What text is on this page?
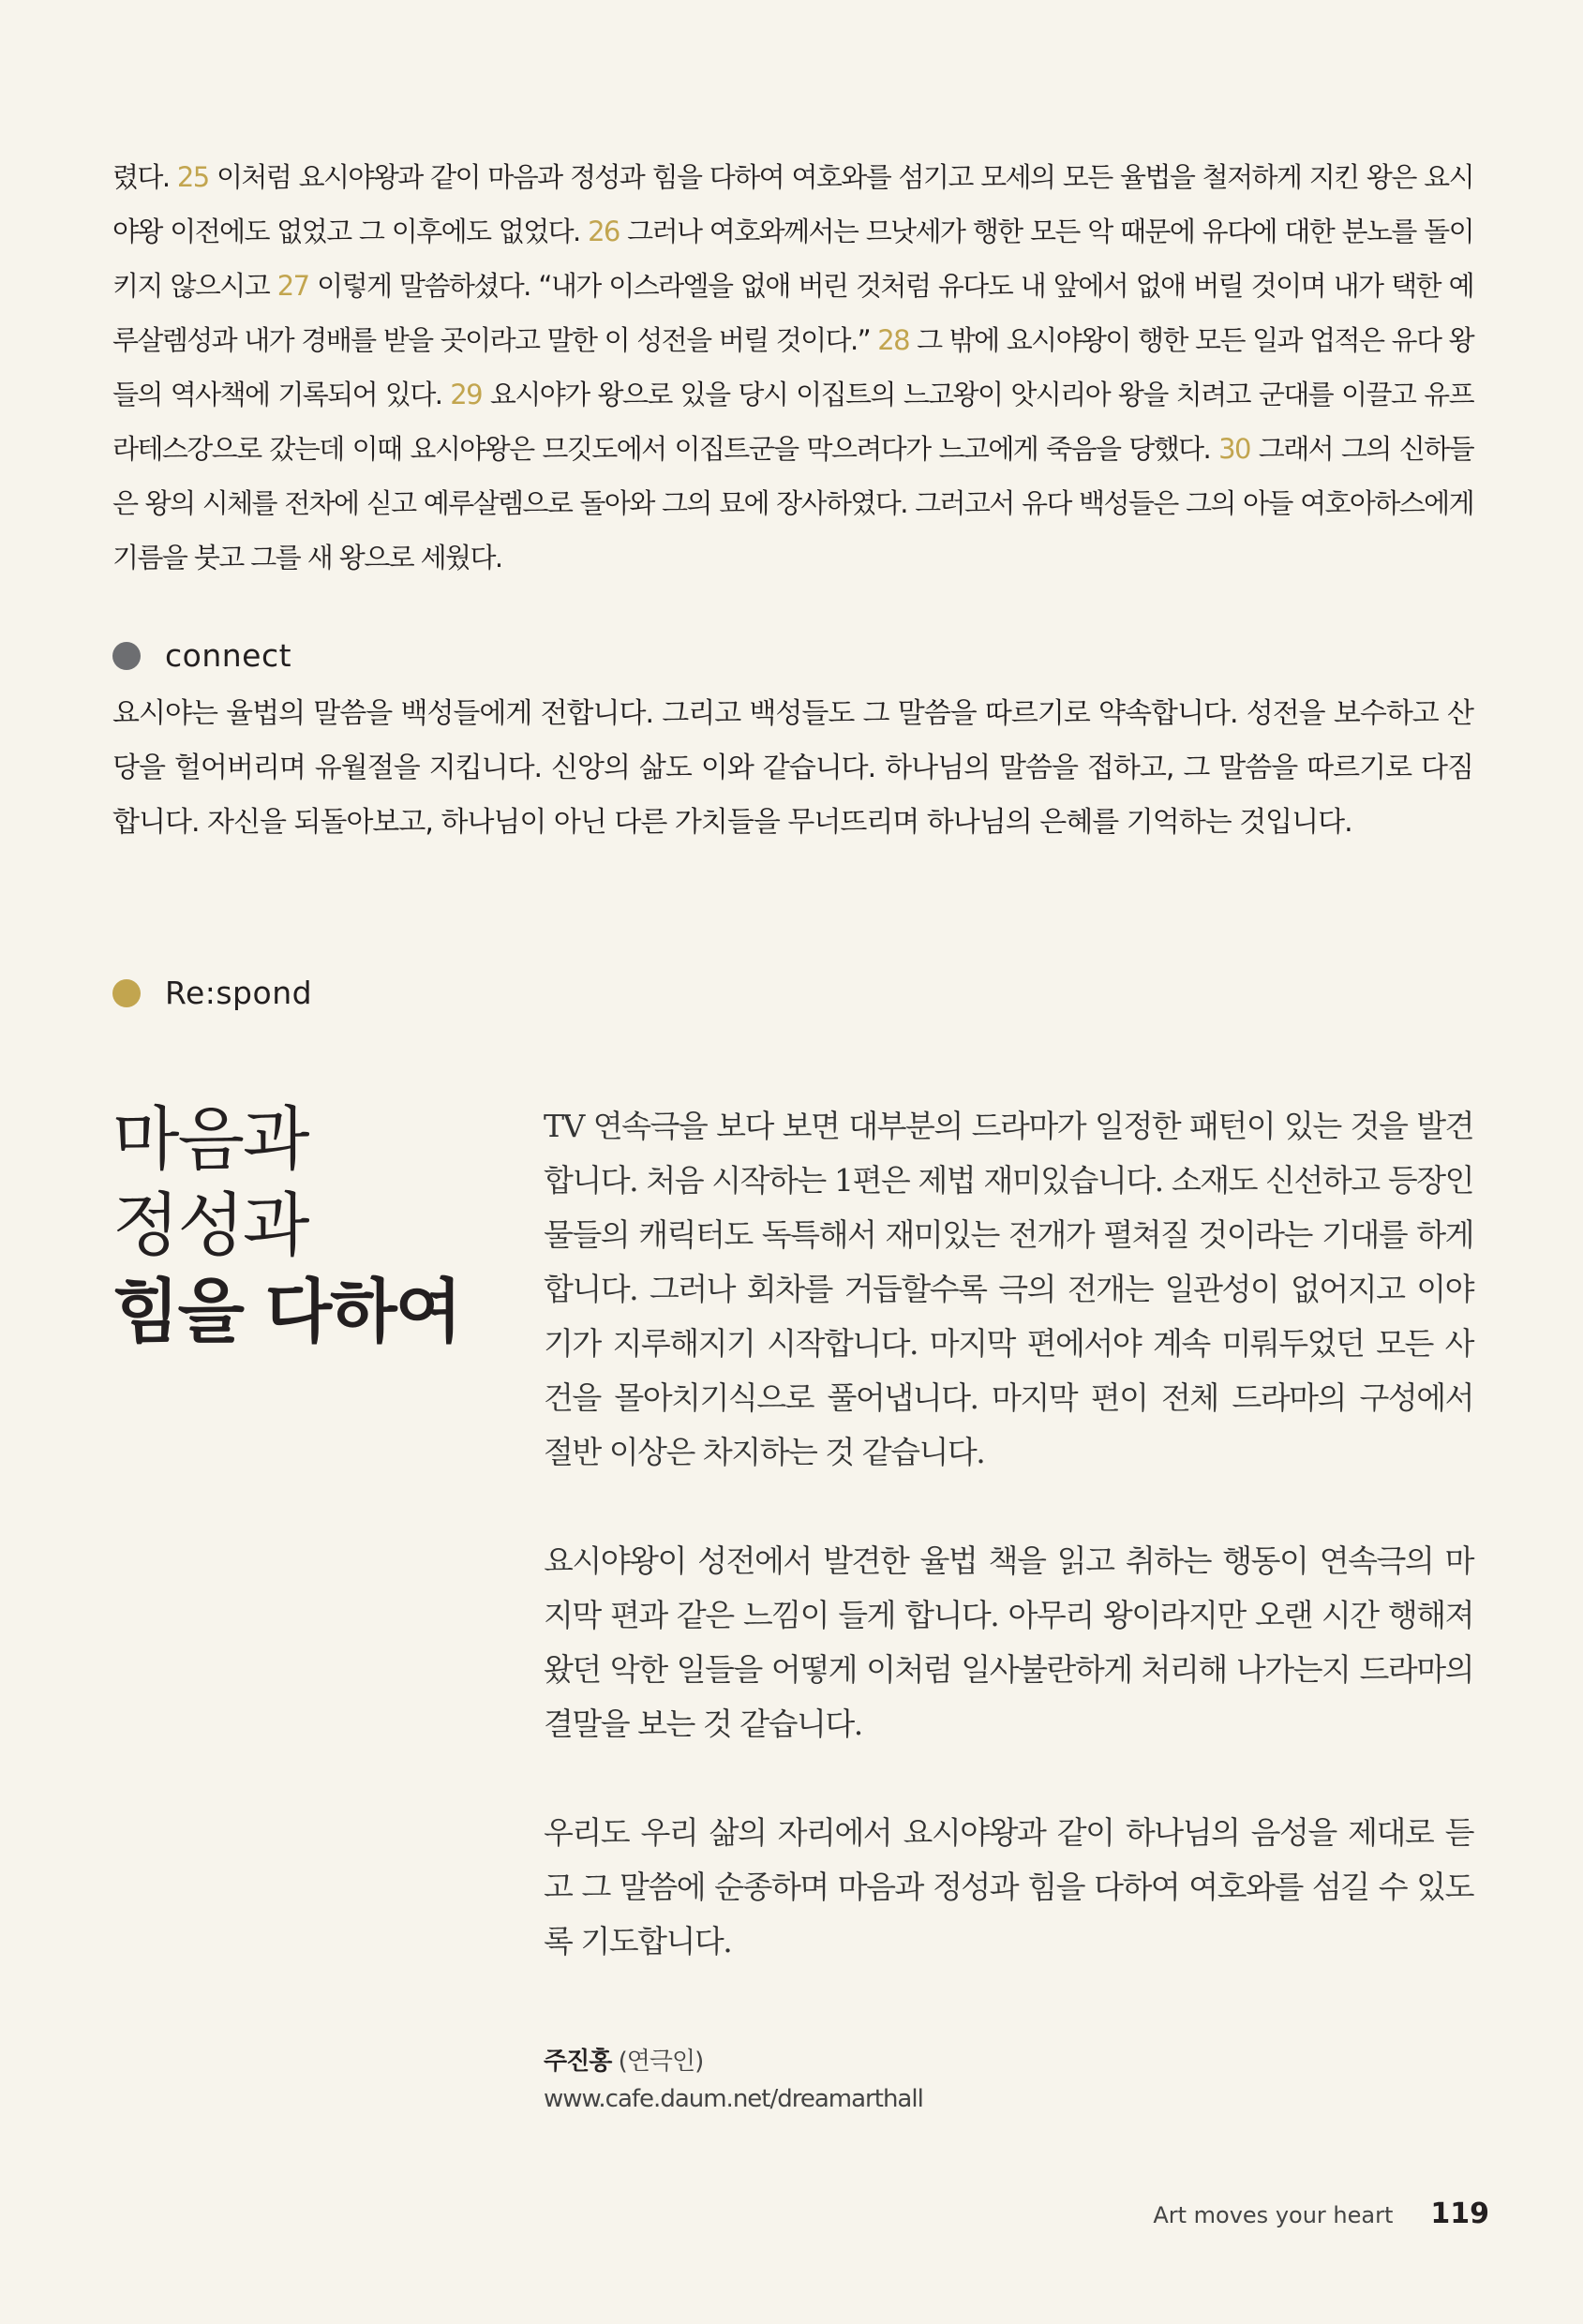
렸다. 25 이처럼 요시야왕과 같이 마음과 정성과 힘을 다하여 여호와를 섬기고 모세의 모든 율법을 철저하게 지킨 왕은 요시야왕 이전에도 없었고 그 이후에도 없었다. 26 그러나 여호와께서는 므낫세가 행한 모든 악 때문에 유다에 대한 분노를 돌이키지 않으시고 27 이렇게 말씀하셨다. “내가 이스라엘을 없애 버린 것처럼 유다도 내 앞에서 없애 버릴 것이며 내가 택한 예루살렘성과 내가 경배를 받을 곳이라고 말한 이 성전을 버릴 것이다.” 28 그 밖에 요시야왕이 행한 모든 일과 업적은 유다 왕들의 역사책에 기록되어 있다. 29 요시야가 왕으로 있을 당시 이집트의 느고왕이 앗시리아 왕을 치려고 군대를 이끌고 유프라테스강으로 갔는데 이때 요시야왕은 므깃도에서 이집트군을 막으려다가 느고에게 죽음을 당했다. 30 그래서 그의 신하들은 왕의 시체를 전차에 싣고 예루살렘으로 돌아와 그의 묘에 장사하였다. 그러고서 유다 백성들은 그의 아들 여호아하스에게 기름을 붓고 그를 새 왕으로 세웠다.
connect
요시야는 율법의 말씀을 백성들에게 전합니다. 그리고 백성들도 그 말씀을 따르기로 약속합니다. 성전을 보수하고 산당을 헐어버리며 유월절을 지킵니다. 신앙의 삶도 이와 같습니다. 하나님의 말씀을 접하고, 그 말씀을 따르기로 다짐합니다. 자신을 되돌아보고, 하나님이 아닌 다른 가치들을 무너뜨리며 하나님의 은혜를 기억하는 것입니다.
Re:spond
마음과
정성과
힘을 다하여

TV 연속극을 보다 보면 대부분의 드라마가 일정한 패턴이 있는 것을 발견합니다. 처음 시작하는 1편은 제법 재미있습니다. 소재도 신선하고 등장인물들의 캐릭터도 독특해서 재미있는 전개가 펼쳐질 것이라는 기대를 하게 합니다. 그러나 회차를 거듭할수록 극의 전개는 일관성이 없어지고 이야기가 지루해지기 시작합니다. 마지막 편에서야 계속 미뤄두었던 모든 사건을 몰아치기식으로 풀어냅니다. 마지막 편이 전체 드라마의 구성에서 절반 이상은 차지하는 것 같습니다.

요시야왕이 성전에서 발견한 율법 책을 읽고 취하는 행동이 연속극의 마지막 편과 같은 느낌이 들게 합니다. 아무리 왕이라지만 오랜 시간 행해져 왔던 악한 일들을 어떻게 이처럼 일사불란하게 처리해 나가는지 드라마의 결말을 보는 것 같습니다.

우리도 우리 삶의 자리에서 요시야왕과 같이 하나님의 음성을 제대로 듣고 그 말씀에 순종하며 마음과 정성과 힘을 다하여 여호와를 섬길 수 있도록 기도합니다.

주진홍 (연극인)
www.cafe.daum.net/dreamarthall
Art moves your heart 119
